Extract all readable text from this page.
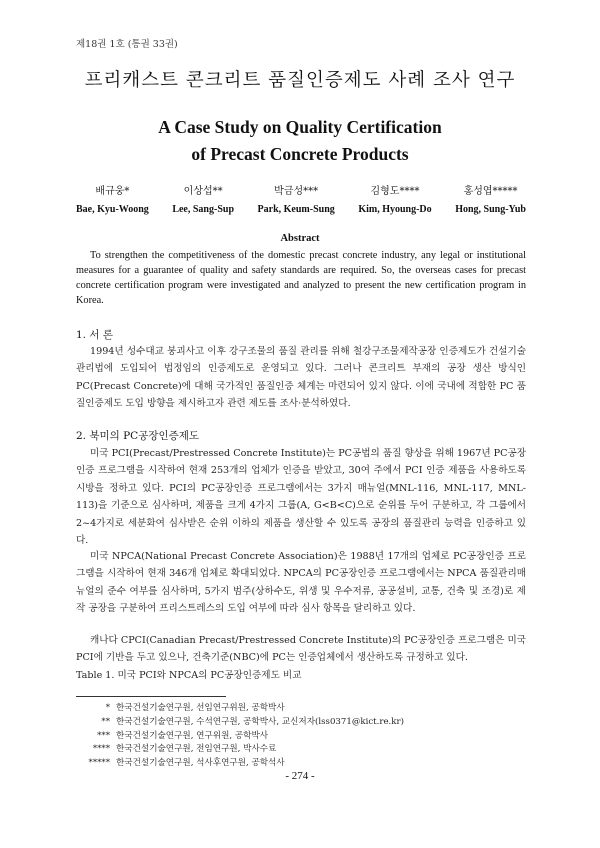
제18권 1호 (통권 33권)
프리캐스트 콘크리트 품질인증제도 사례 조사 연구
A Case Study on Quality Certification
of Precast Concrete Products
배규웅*
Bae, Kyu-Woong
이상섭**
Lee, Sang-Sup
박금성***
Park, Keum-Sung
김형도****
Kim, Hyoung-Do
홍성엽*****
Hong, Sung-Yub
Abstract

To strengthen the competitiveness of the domestic precast concrete industry, any legal or institutional measures for a guarantee of quality and safety standards are required. So, the overseas cases for precast concrete certification program were investigated and analyzed to present the new certification program in Korea.

1. 서 론

1994년 성수대교 붕괴사고 이후 강구조물의 품질 관리를 위해 철강구조물제작공장 인증제도가 건설기술관리법에 도입되어 법정임의 인증제도로 운영되고 있다. 그러나 콘크리트 부재의 공장 생산 방식인 PC(Precast Concrete)에 대해 국가적인 품질인증 체계는 마련되어 있지 않다. 이에 국내에 적합한 PC 품질인증제도 도입 방향을 제시하고자 관련 제도를 조사·분석하였다.

2. 북미의 PC공장인증제도

미국 PCI(Precast/Prestressed Concrete Institute)는 PC공법의 품질 향상을 위해 1967년 PC공장인증 프로그램을 시작하여 현재 253개의 업체가 인증을 받았고, 30여 주에서 PCI 인증 제품을 사용하도록 시방을 정하고 있다. PCI의 PC공장인증 프로그램에서는 3가지 매뉴얼(MNL-116, MNL-117, MNL-113)을 기준으로 심사하며, 제품을 크게 4가지 그룹(A, G<B<C)으로 순위를 두어 구분하고, 각 그룹에서 2~4가지로 세분화여 심사받은 순위 이하의 제품을 생산할 수 있도록 공장의 품질관리 능력을 인증하고 있다.

미국 NPCA(National Precast Concrete Association)은 1988년 17개의 업체로 PC공장인증 프로그램을 시작하여 현재 346개 업체로 확대되었다. NPCA의 PC공장인증 프로그램에서는 NPCA 품질관리매뉴얼의 준수 여부를 심사하며, 5가지 범주(상하수도, 위생 및 우수저류, 공공설비, 교통, 건축 및 조경)로 제작 공장을 구분하여 프리스트레스의 도입 여부에 따라 심사 항목을 달리하고 있다.

캐나다 CPCI(Canadian Precast/Prestressed Concrete Institute)의 PC공장인증 프로그램은 미국 PCI에 기반을 두고 있으나, 건축기준(NBC)에 PC는 인증업체에서 생산하도록 규정하고 있다.

Table 1. 미국 PCI와 NPCA의 PC공장인증제도 비교
* 한국건설기술연구원, 선임연구위원, 공학박사
** 한국건설기술연구원, 수석연구원, 공학박사, 교신저자(lss0371@kict.re.kr)
*** 한국건설기술연구원, 연구위원, 공학박사
**** 한국건설기술연구원, 전임연구원, 박사수료
***** 한국건설기술연구원, 석사후연구원, 공학석사
- 274 -
